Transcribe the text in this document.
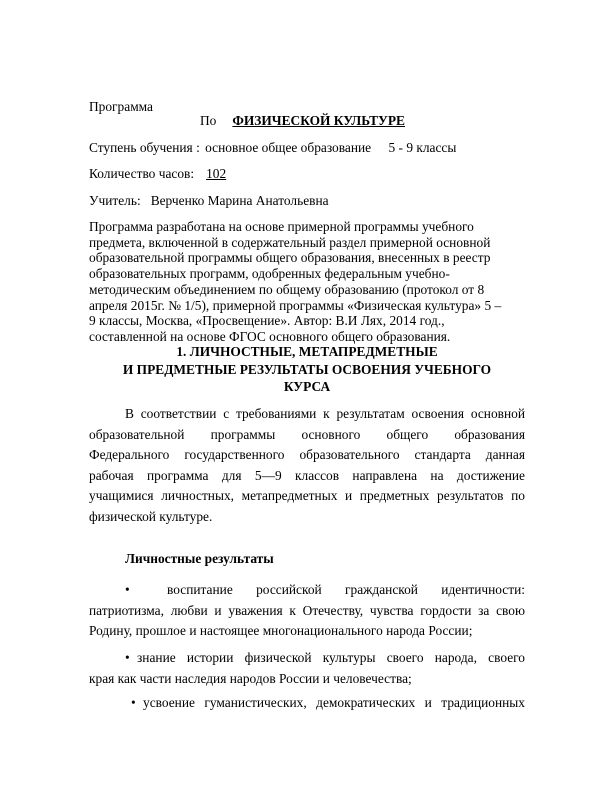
Программа
По ФИЗИЧЕСКОЙ КУЛЬТУРЕ
Ступень обучения : основное общее образование 5 - 9 классы
Количество часов: 102
Учитель: Верченко Марина Анатольевна
Программа разработана на основе примерной программы учебного
предмета, включенной в содержательный раздел примерной основной
образовательной программы общего образования, внесенных в реестр
образовательных программ, одобренных федеральным учебно-
методическим объединением по общему образованию (протокол от 8
апреля 2015г. № 1/5), примерной программы «Физическая культура» 5 –
9 классы, Москва, «Просвещение». Автор: В.И Лях, 2014 год.,
составленной на основе ФГОС основного общего образования.
1. ЛИЧНОСТНЫЕ, МЕТАПРЕДМЕТНЫЕ
И ПРЕДМЕТНЫЕ РЕЗУЛЬТАТЫ ОСВОЕНИЯ УЧЕБНОГО
КУРСА
В соответствии с требованиями к результатам освоения основной
образовательной программы основного общего образования
Федерального государственного образовательного стандарта данная
рабочая программа для 5—9 классов направлена на достижение
учащимися личностных, метапредметных и предметных результатов по
физической культуре.
Личностные результаты
•	воспитание российской гражданской идентичности:
патриотизма, любви и уважения к Отечеству, чувства гордости за свою
Родину, прошлое и настоящее многонационального народа России;
• знание истории физической культуры своего народа, своего
края как части наследия народов России и человечества;
• усвоение гуманистических, демократических и традиционных
